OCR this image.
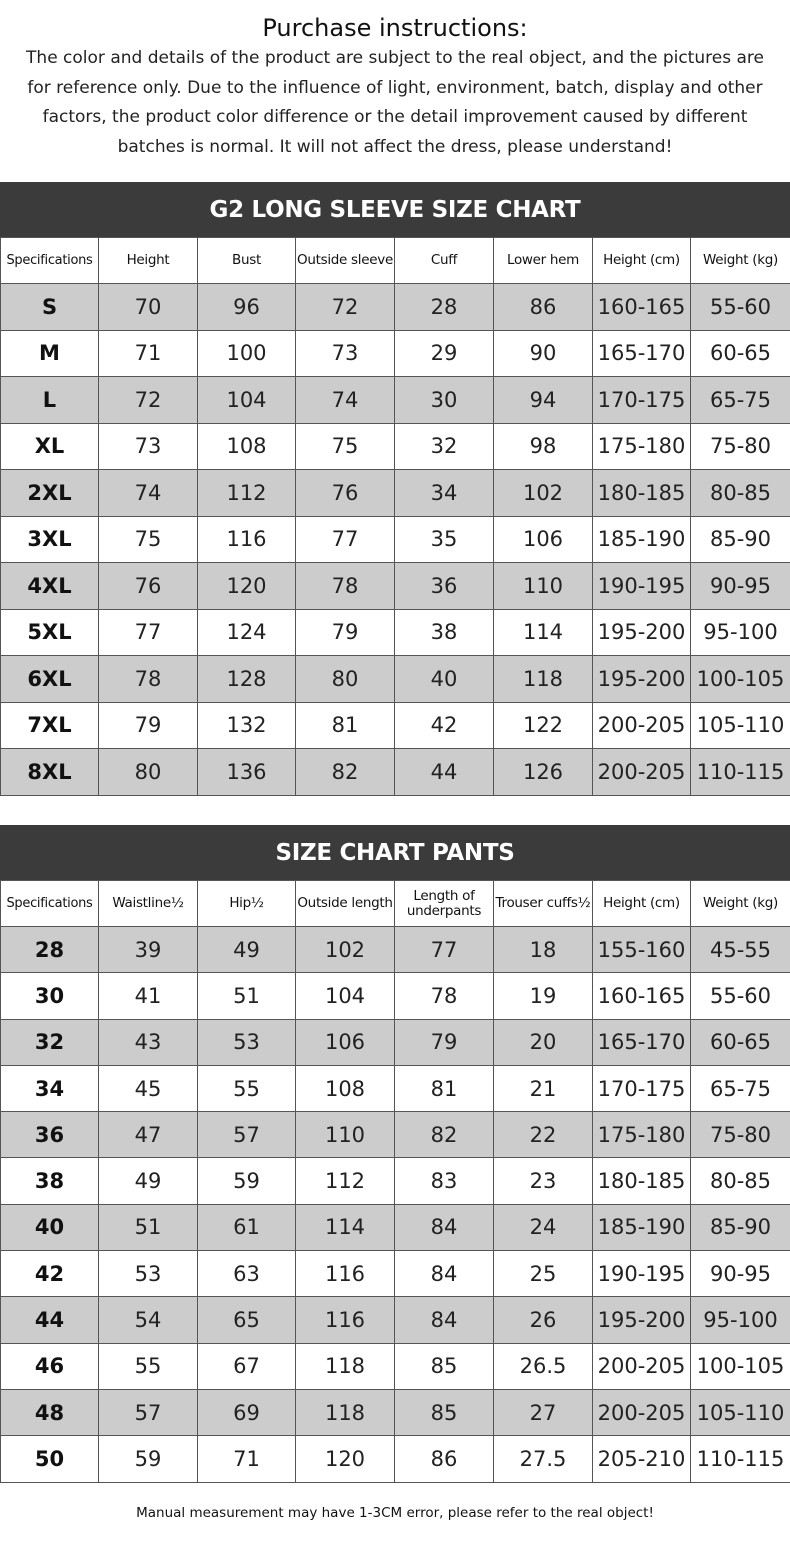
Purchase instructions:
The color and details of the product are subject to the real object, and the pictures are for reference only. Due to the influence of light, environment, batch, display and other factors, the product color difference or the detail improvement caused by different batches is normal. It will not affect the dress, please understand!
G2 LONG SLEEVE SIZE CHART
Specifications	Height	Bust	Outside sleeve	Cuff	Lower hem	Height (cm)	Weight (kg)
S	70	96	72	28	86	160-165	55-60
M	71	100	73	29	90	165-170	60-65
L	72	104	74	30	94	170-175	65-75
XL	73	108	75	32	98	175-180	75-80
2XL	74	112	76	34	102	180-185	80-85
3XL	75	116	77	35	106	185-190	85-90
4XL	76	120	78	36	110	190-195	90-95
5XL	77	124	79	38	114	195-200	95-100
6XL	78	128	80	40	118	195-200	100-105
7XL	79	132	81	42	122	200-205	105-110
8XL	80	136	82	44	126	200-205	110-115
SIZE CHART PANTS
Specifications	Waistline½	Hip½	Outside length	Length of underpants	Trouser cuffs½	Height (cm)	Weight (kg)
28	39	49	102	77	18	155-160	45-55
30	41	51	104	78	19	160-165	55-60
32	43	53	106	79	20	165-170	60-65
34	45	55	108	81	21	170-175	65-75
36	47	57	110	82	22	175-180	75-80
38	49	59	112	83	23	180-185	80-85
40	51	61	114	84	24	185-190	85-90
42	53	63	116	84	25	190-195	90-95
44	54	65	116	84	26	195-200	95-100
46	55	67	118	85	26.5	200-205	100-105
48	57	69	118	85	27	200-205	105-110
50	59	71	120	86	27.5	205-210	110-115
Manual measurement may have 1-3CM error, please refer to the real object!
